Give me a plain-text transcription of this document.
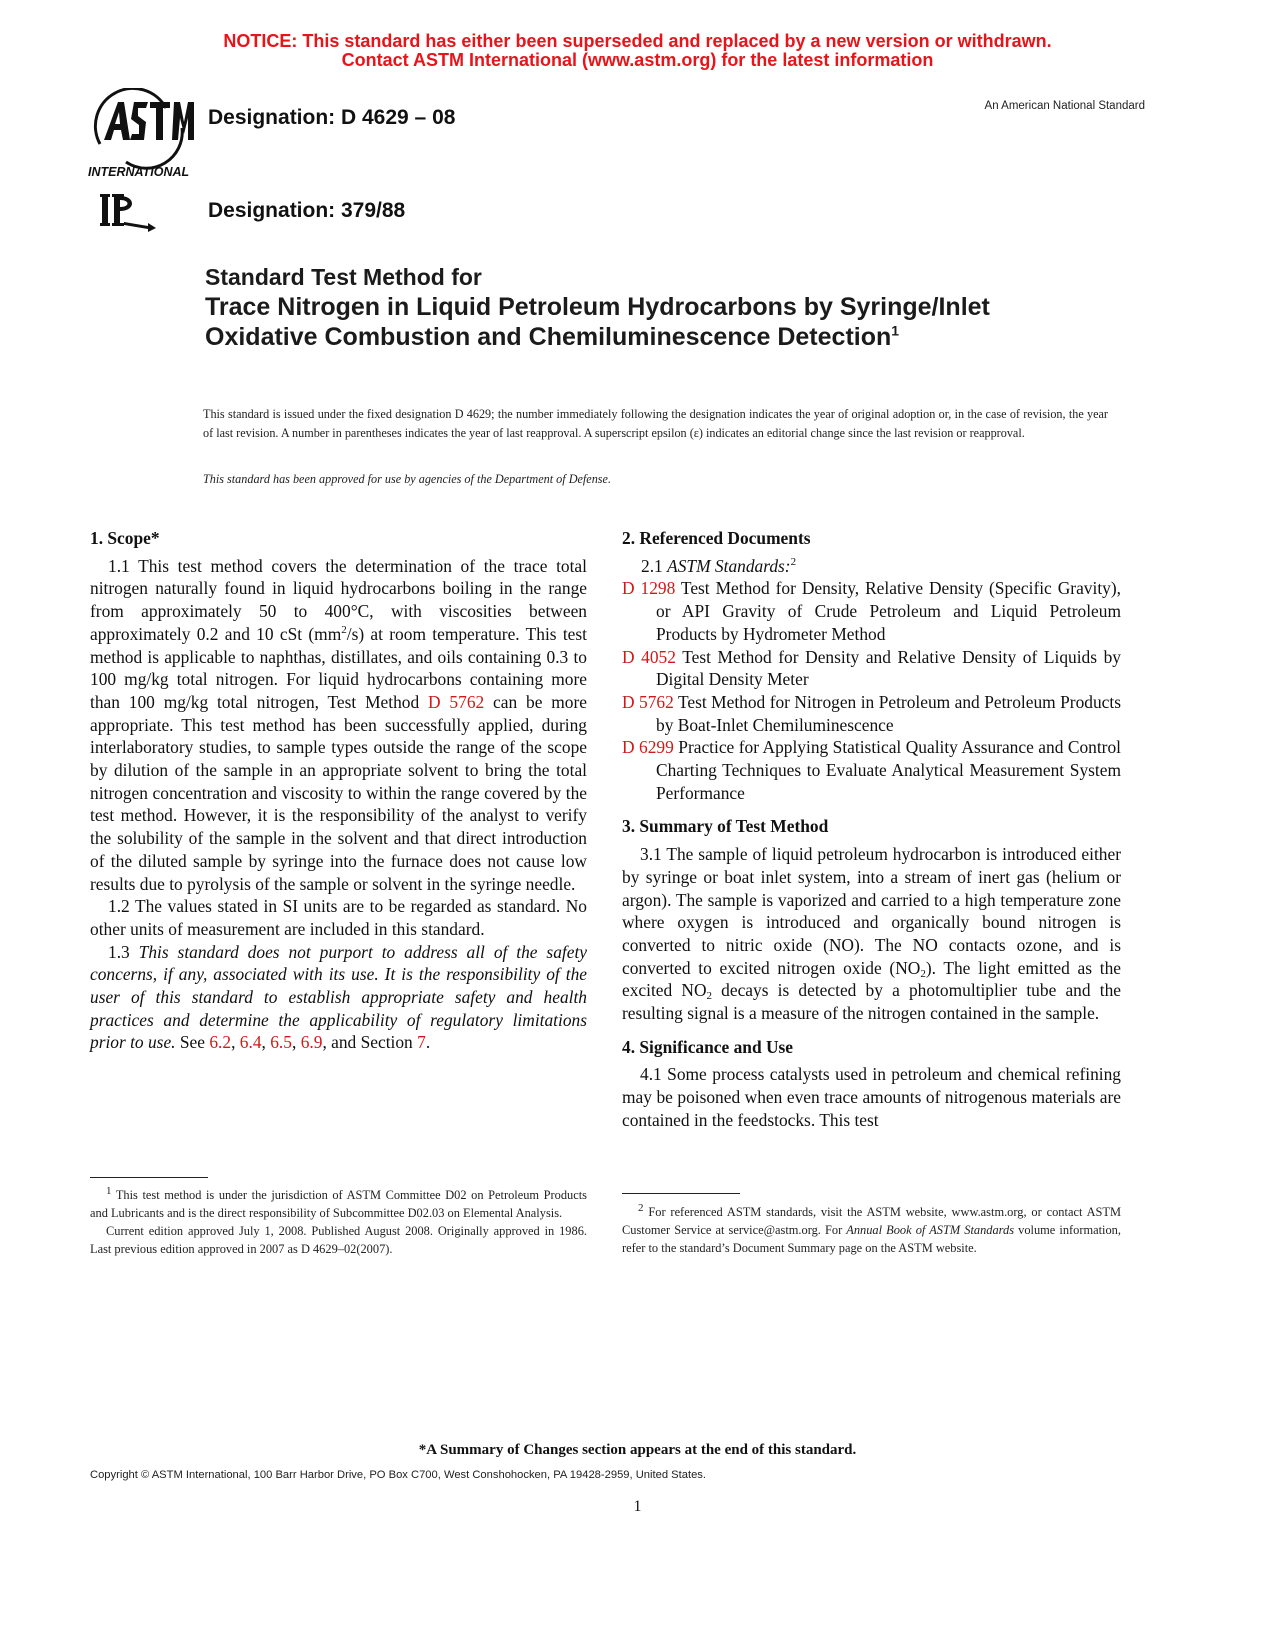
NOTICE: This standard has either been superseded and replaced by a new version or withdrawn.
Contact ASTM International (www.astm.org) for the latest information
INTERNATIONAL
Designation: D 4629 – 08
Designation: 379/88
An American National Standard
Standard Test Method for
Trace Nitrogen in Liquid Petroleum Hydrocarbons by Syringe/Inlet Oxidative Combustion and Chemiluminescence Detection$^1$
This standard is issued under the fixed designation D 4629; the number immediately following the designation indicates the year of original adoption or, in the case of revision, the year of last revision. A number in parentheses indicates the year of last reapproval. A superscript epsilon (ε) indicates an editorial change since the last revision or reapproval.
This standard has been approved for use by agencies of the Department of Defense.
1. Scope*

1.1 This test method covers the determination of the trace total nitrogen naturally found in liquid hydrocarbons boiling in the range from approximately 50 to 400°C, with viscosities between approximately 0.2 and 10 cSt $(mm^2/s)$ at room temperature. This test method is applicable to naphthas, distillates, and oils containing 0.3 to 100 mg/kg total nitrogen. For liquid hydrocarbons containing more than 100 mg/kg total nitrogen, Test Method D 5762 can be more appropriate. This test method has been successfully applied, during interlaboratory studies, to sample types outside the range of the scope by dilution of the sample in an appropriate solvent to bring the total nitrogen concentration and viscosity to within the range covered by the test method. However, it is the responsibility of the analyst to verify the solubility of the sample in the solvent and that direct introduction of the diluted sample by syringe into the furnace does not cause low results due to pyrolysis of the sample or solvent in the syringe needle.

1.2 The values stated in SI units are to be regarded as standard. No other units of measurement are included in this standard.

1.3 This standard does not purport to address all of the safety concerns, if any, associated with its use. It is the responsibility of the user of this standard to establish appropriate safety and health practices and determine the applicability of regulatory limitations prior to use. See 6.2, 6.4, 6.5, 6.9, and Section 7.

2. Referenced Documents
2.1 ASTM Standards:$^2$
D 1298 Test Method for Density, Relative Density (Specific Gravity), or API Gravity of Crude Petroleum and Liquid Petroleum Products by Hydrometer Method
D 4052 Test Method for Density and Relative Density of Liquids by Digital Density Meter
D 5762 Test Method for Nitrogen in Petroleum and Petroleum Products by Boat-Inlet Chemiluminescence
D 6299 Practice for Applying Statistical Quality Assurance and Control Charting Techniques to Evaluate Analytical Measurement System Performance
3. Summary of Test Method

3.1 The sample of liquid petroleum hydrocarbon is introduced either by syringe or boat inlet system, into a stream of inert gas (helium or argon). The sample is vaporized and carried to a high temperature zone where oxygen is introduced and organically bound nitrogen is converted to nitric oxide (NO). The NO contacts ozone, and is converted to excited nitrogen oxide $(NO_2)$. The light emitted as the excited $NO_2$ decays is detected by a photomultiplier tube and the resulting signal is a measure of the nitrogen contained in the sample.

4. Significance and Use

4.1 Some process catalysts used in petroleum and chemical refining may be poisoned when even trace amounts of nitrogenous materials are contained in the feedstocks. This test

$^1$ This test method is under the jurisdiction of ASTM Committee D02 on Petroleum Products and Lubricants and is the direct responsibility of Subcommittee D02.03 on Elemental Analysis.

Current edition approved July 1, 2008. Published August 2008. Originally approved in 1986. Last previous edition approved in 2007 as D 4629–02(2007).

$^2$ For referenced ASTM standards, visit the ASTM website, www.astm.org, or contact ASTM Customer Service at service@astm.org. For Annual Book of ASTM Standards volume information, refer to the standard’s Document Summary page on the ASTM website.

*A Summary of Changes section appears at the end of this standard.
Copyright © ASTM International, 100 Barr Harbor Drive, PO Box C700, West Conshohocken, PA 19428-2959, United States.
1
